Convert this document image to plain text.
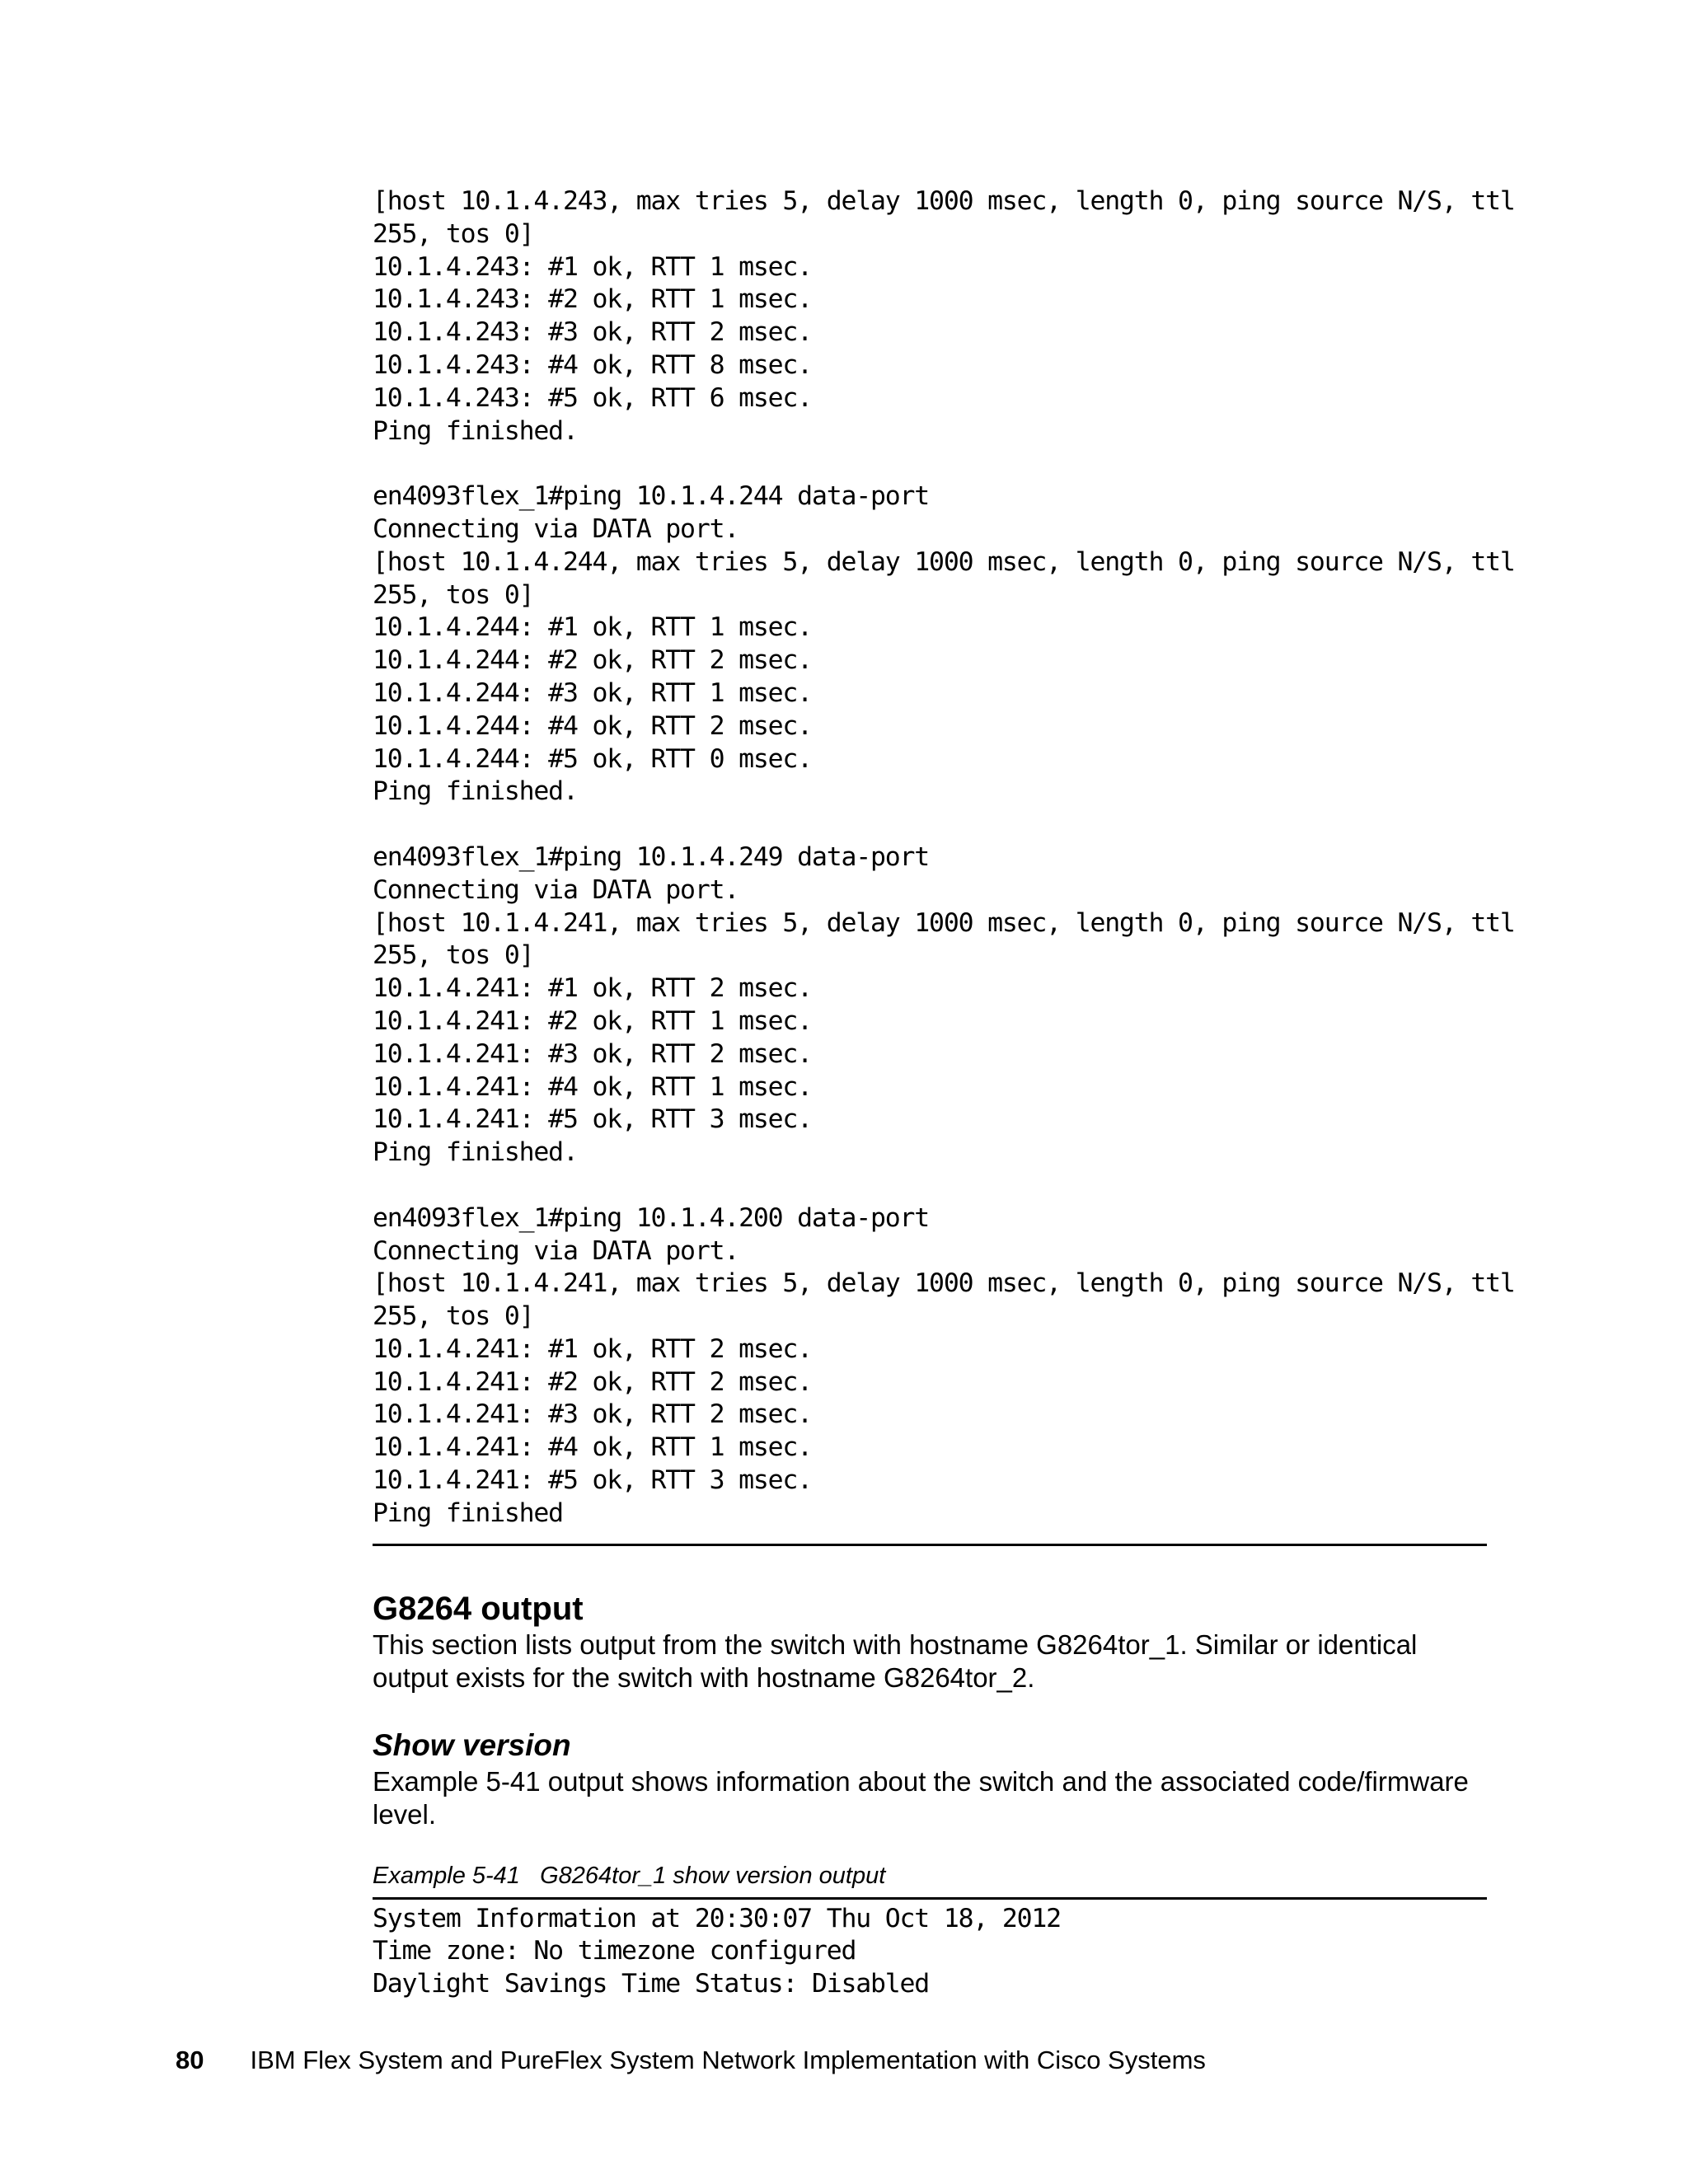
[host 10.1.4.243, max tries 5, delay 1000 msec, length 0, ping source N/S, ttl
255, tos 0]
10.1.4.243: #1 ok, RTT 1 msec.
10.1.4.243: #2 ok, RTT 1 msec.
10.1.4.243: #3 ok, RTT 2 msec.
10.1.4.243: #4 ok, RTT 8 msec.
10.1.4.243: #5 ok, RTT 6 msec.
Ping finished.
en4093flex_1#ping 10.1.4.244 data-port
Connecting via DATA port.
[host 10.1.4.244, max tries 5, delay 1000 msec, length 0, ping source N/S, ttl
255, tos 0]
10.1.4.244: #1 ok, RTT 1 msec.
10.1.4.244: #2 ok, RTT 2 msec.
10.1.4.244: #3 ok, RTT 1 msec.
10.1.4.244: #4 ok, RTT 2 msec.
10.1.4.244: #5 ok, RTT 0 msec.
Ping finished.
en4093flex_1#ping 10.1.4.249 data-port
Connecting via DATA port.
[host 10.1.4.241, max tries 5, delay 1000 msec, length 0, ping source N/S, ttl
255, tos 0]
10.1.4.241: #1 ok, RTT 2 msec.
10.1.4.241: #2 ok, RTT 1 msec.
10.1.4.241: #3 ok, RTT 2 msec.
10.1.4.241: #4 ok, RTT 1 msec.
10.1.4.241: #5 ok, RTT 3 msec.
Ping finished.
en4093flex_1#ping 10.1.4.200 data-port
Connecting via DATA port.
[host 10.1.4.241, max tries 5, delay 1000 msec, length 0, ping source N/S, ttl
255, tos 0]
10.1.4.241: #1 ok, RTT 2 msec.
10.1.4.241: #2 ok, RTT 2 msec.
10.1.4.241: #3 ok, RTT 2 msec.
10.1.4.241: #4 ok, RTT 1 msec.
10.1.4.241: #5 ok, RTT 3 msec.
Ping finished
G8264 output

This section lists output from the switch with hostname G8264tor_1. Similar or identical output exists for the switch with hostname G8264tor_2.

Show version

Example 5-41 output shows information about the switch and the associated code/firmware level.

Example 5-41   G8264tor_1 show version output

System Information at 20:30:07 Thu Oct 18, 2012
Time zone: No timezone configured
Daylight Savings Time Status: Disabled
80 IBM Flex System and PureFlex System Network Implementation with Cisco Systems
